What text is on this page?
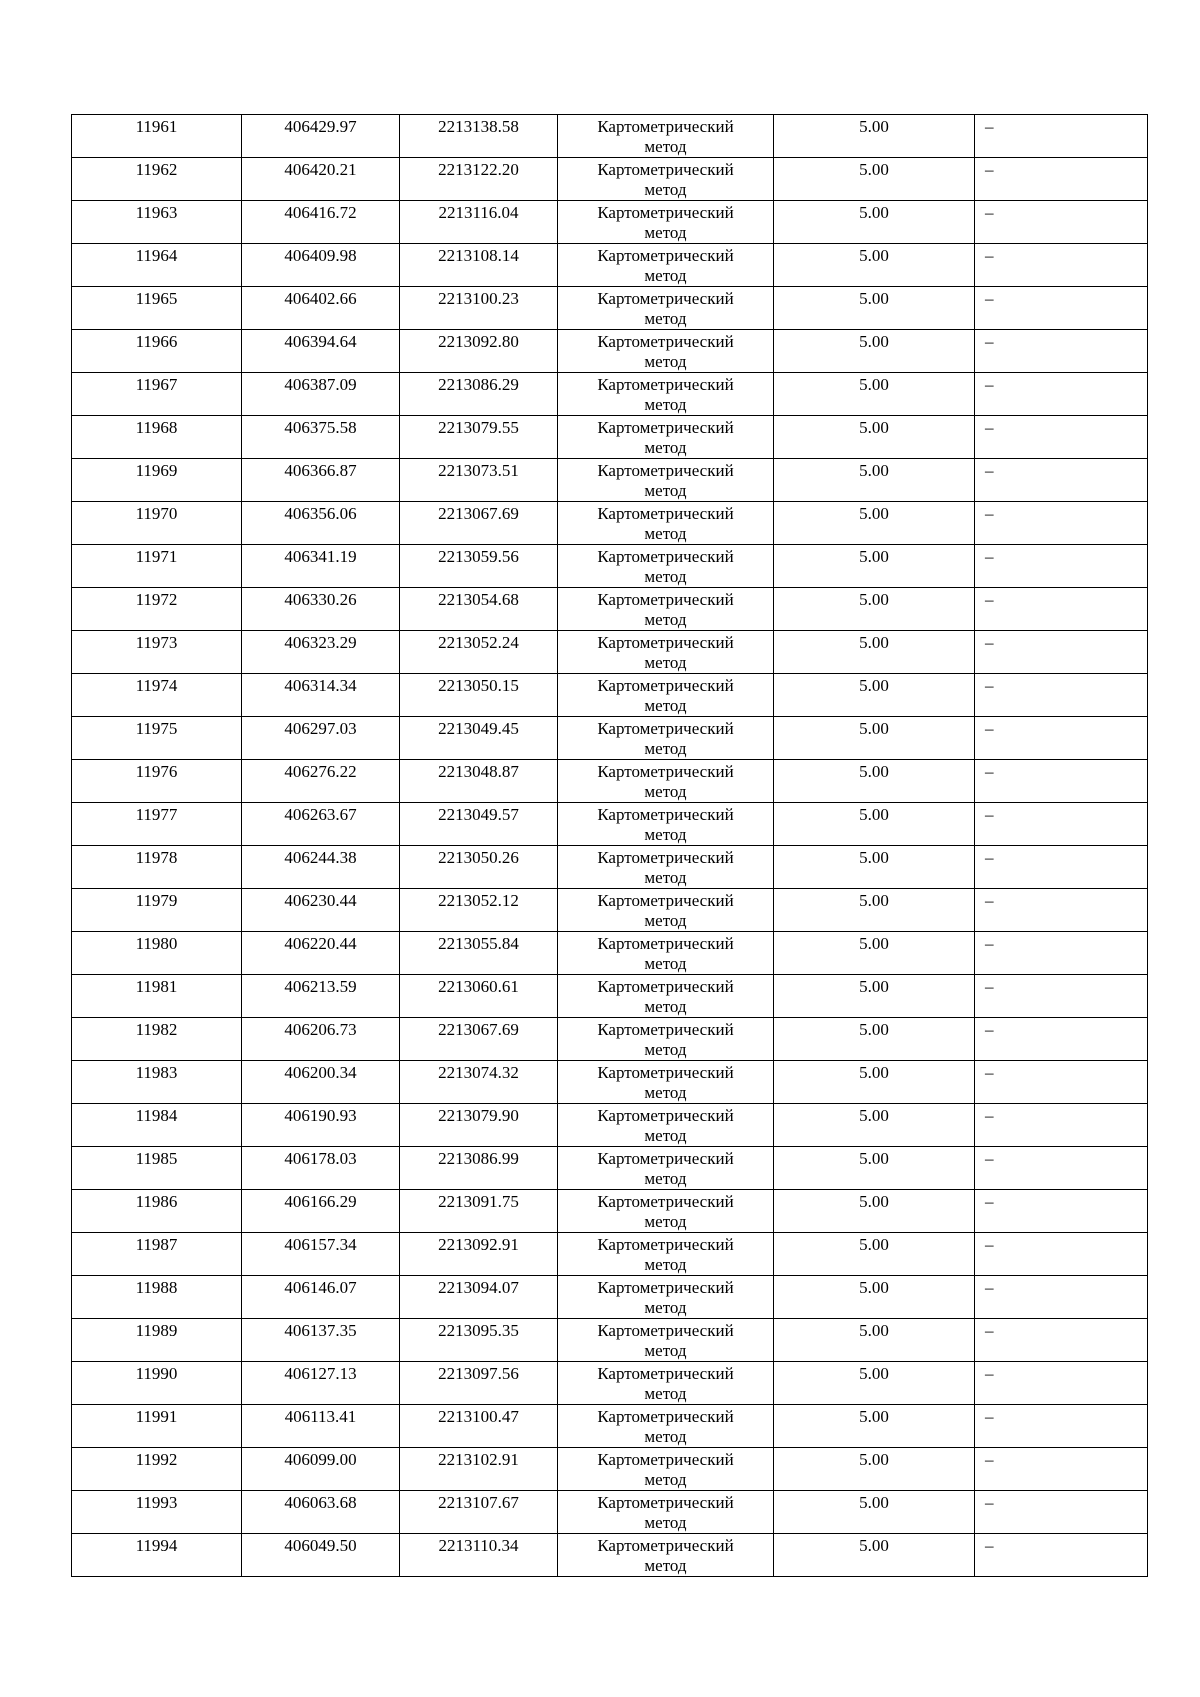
11961	406429.97	2213138.58	Картометрический
метод	5.00	–

11962	406420.21	2213122.20	Картометрический
метод	5.00	–

11963	406416.72	2213116.04	Картометрический
метод	5.00	–

11964	406409.98	2213108.14	Картометрический
метод	5.00	–

11965	406402.66	2213100.23	Картометрический
метод	5.00	–

11966	406394.64	2213092.80	Картометрический
метод	5.00	–

11967	406387.09	2213086.29	Картометрический
метод	5.00	–

11968	406375.58	2213079.55	Картометрический
метод	5.00	–

11969	406366.87	2213073.51	Картометрический
метод	5.00	–

11970	406356.06	2213067.69	Картометрический
метод	5.00	–

11971	406341.19	2213059.56	Картометрический
метод	5.00	–

11972	406330.26	2213054.68	Картометрический
метод	5.00	–

11973	406323.29	2213052.24	Картометрический
метод	5.00	–

11974	406314.34	2213050.15	Картометрический
метод	5.00	–

11975	406297.03	2213049.45	Картометрический
метод	5.00	–

11976	406276.22	2213048.87	Картометрический
метод	5.00	–

11977	406263.67	2213049.57	Картометрический
метод	5.00	–

11978	406244.38	2213050.26	Картометрический
метод	5.00	–

11979	406230.44	2213052.12	Картометрический
метод	5.00	–

11980	406220.44	2213055.84	Картометрический
метод	5.00	–

11981	406213.59	2213060.61	Картометрический
метод	5.00	–

11982	406206.73	2213067.69	Картометрический
метод	5.00	–

11983	406200.34	2213074.32	Картометрический
метод	5.00	–

11984	406190.93	2213079.90	Картометрический
метод	5.00	–

11985	406178.03	2213086.99	Картометрический
метод	5.00	–

11986	406166.29	2213091.75	Картометрический
метод	5.00	–

11987	406157.34	2213092.91	Картометрический
метод	5.00	–

11988	406146.07	2213094.07	Картометрический
метод	5.00	–

11989	406137.35	2213095.35	Картометрический
метод	5.00	–

11990	406127.13	2213097.56	Картометрический
метод	5.00	–

11991	406113.41	2213100.47	Картометрический
метод	5.00	–

11992	406099.00	2213102.91	Картометрический
метод	5.00	–

11993	406063.68	2213107.67	Картометрический
метод	5.00	–

11994	406049.50	2213110.34	Картометрический
метод	5.00	–
